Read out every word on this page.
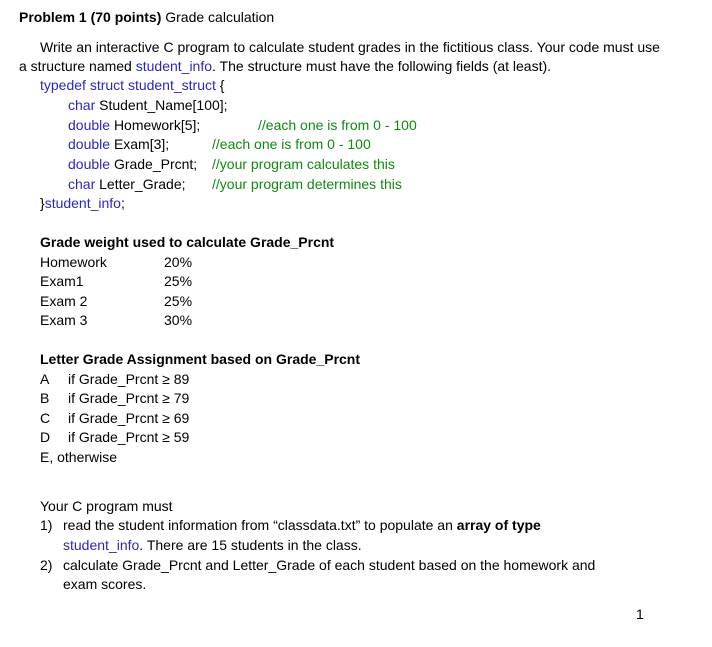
Problem 1 (70 points) Grade calculation
Write an interactive C program to calculate student grades in the fictitious class. Your code must use
a structure named student_info. The structure must have the following fields (at least).
typedef struct student_struct {
char Student_Name[100];
double Homework[5];	//each one is from 0 - 100
double Exam[3];	//each one is from 0 - 100
double Grade_Prcnt; //your program calculates this
char Letter_Grade; //your program determines this
}student_info;
Grade weight used to calculate Grade_Prcnt
Homework	20%
Exam1	25%
Exam 2	25%
Exam 3	30%
Letter Grade Assignment based on Grade_Prcnt
A if Grade_Prcnt ≥ 89
B if Grade_Prcnt ≥ 79
C if Grade_Prcnt ≥ 69
D if Grade_Prcnt ≥ 59
E, otherwise
Your C program must
1) read the student information from “classdata.txt” to populate an array of type
student_info. There are 15 students in the class.
2) calculate Grade_Prcnt and Letter_Grade of each student based on the homework and
exam scores.
1
